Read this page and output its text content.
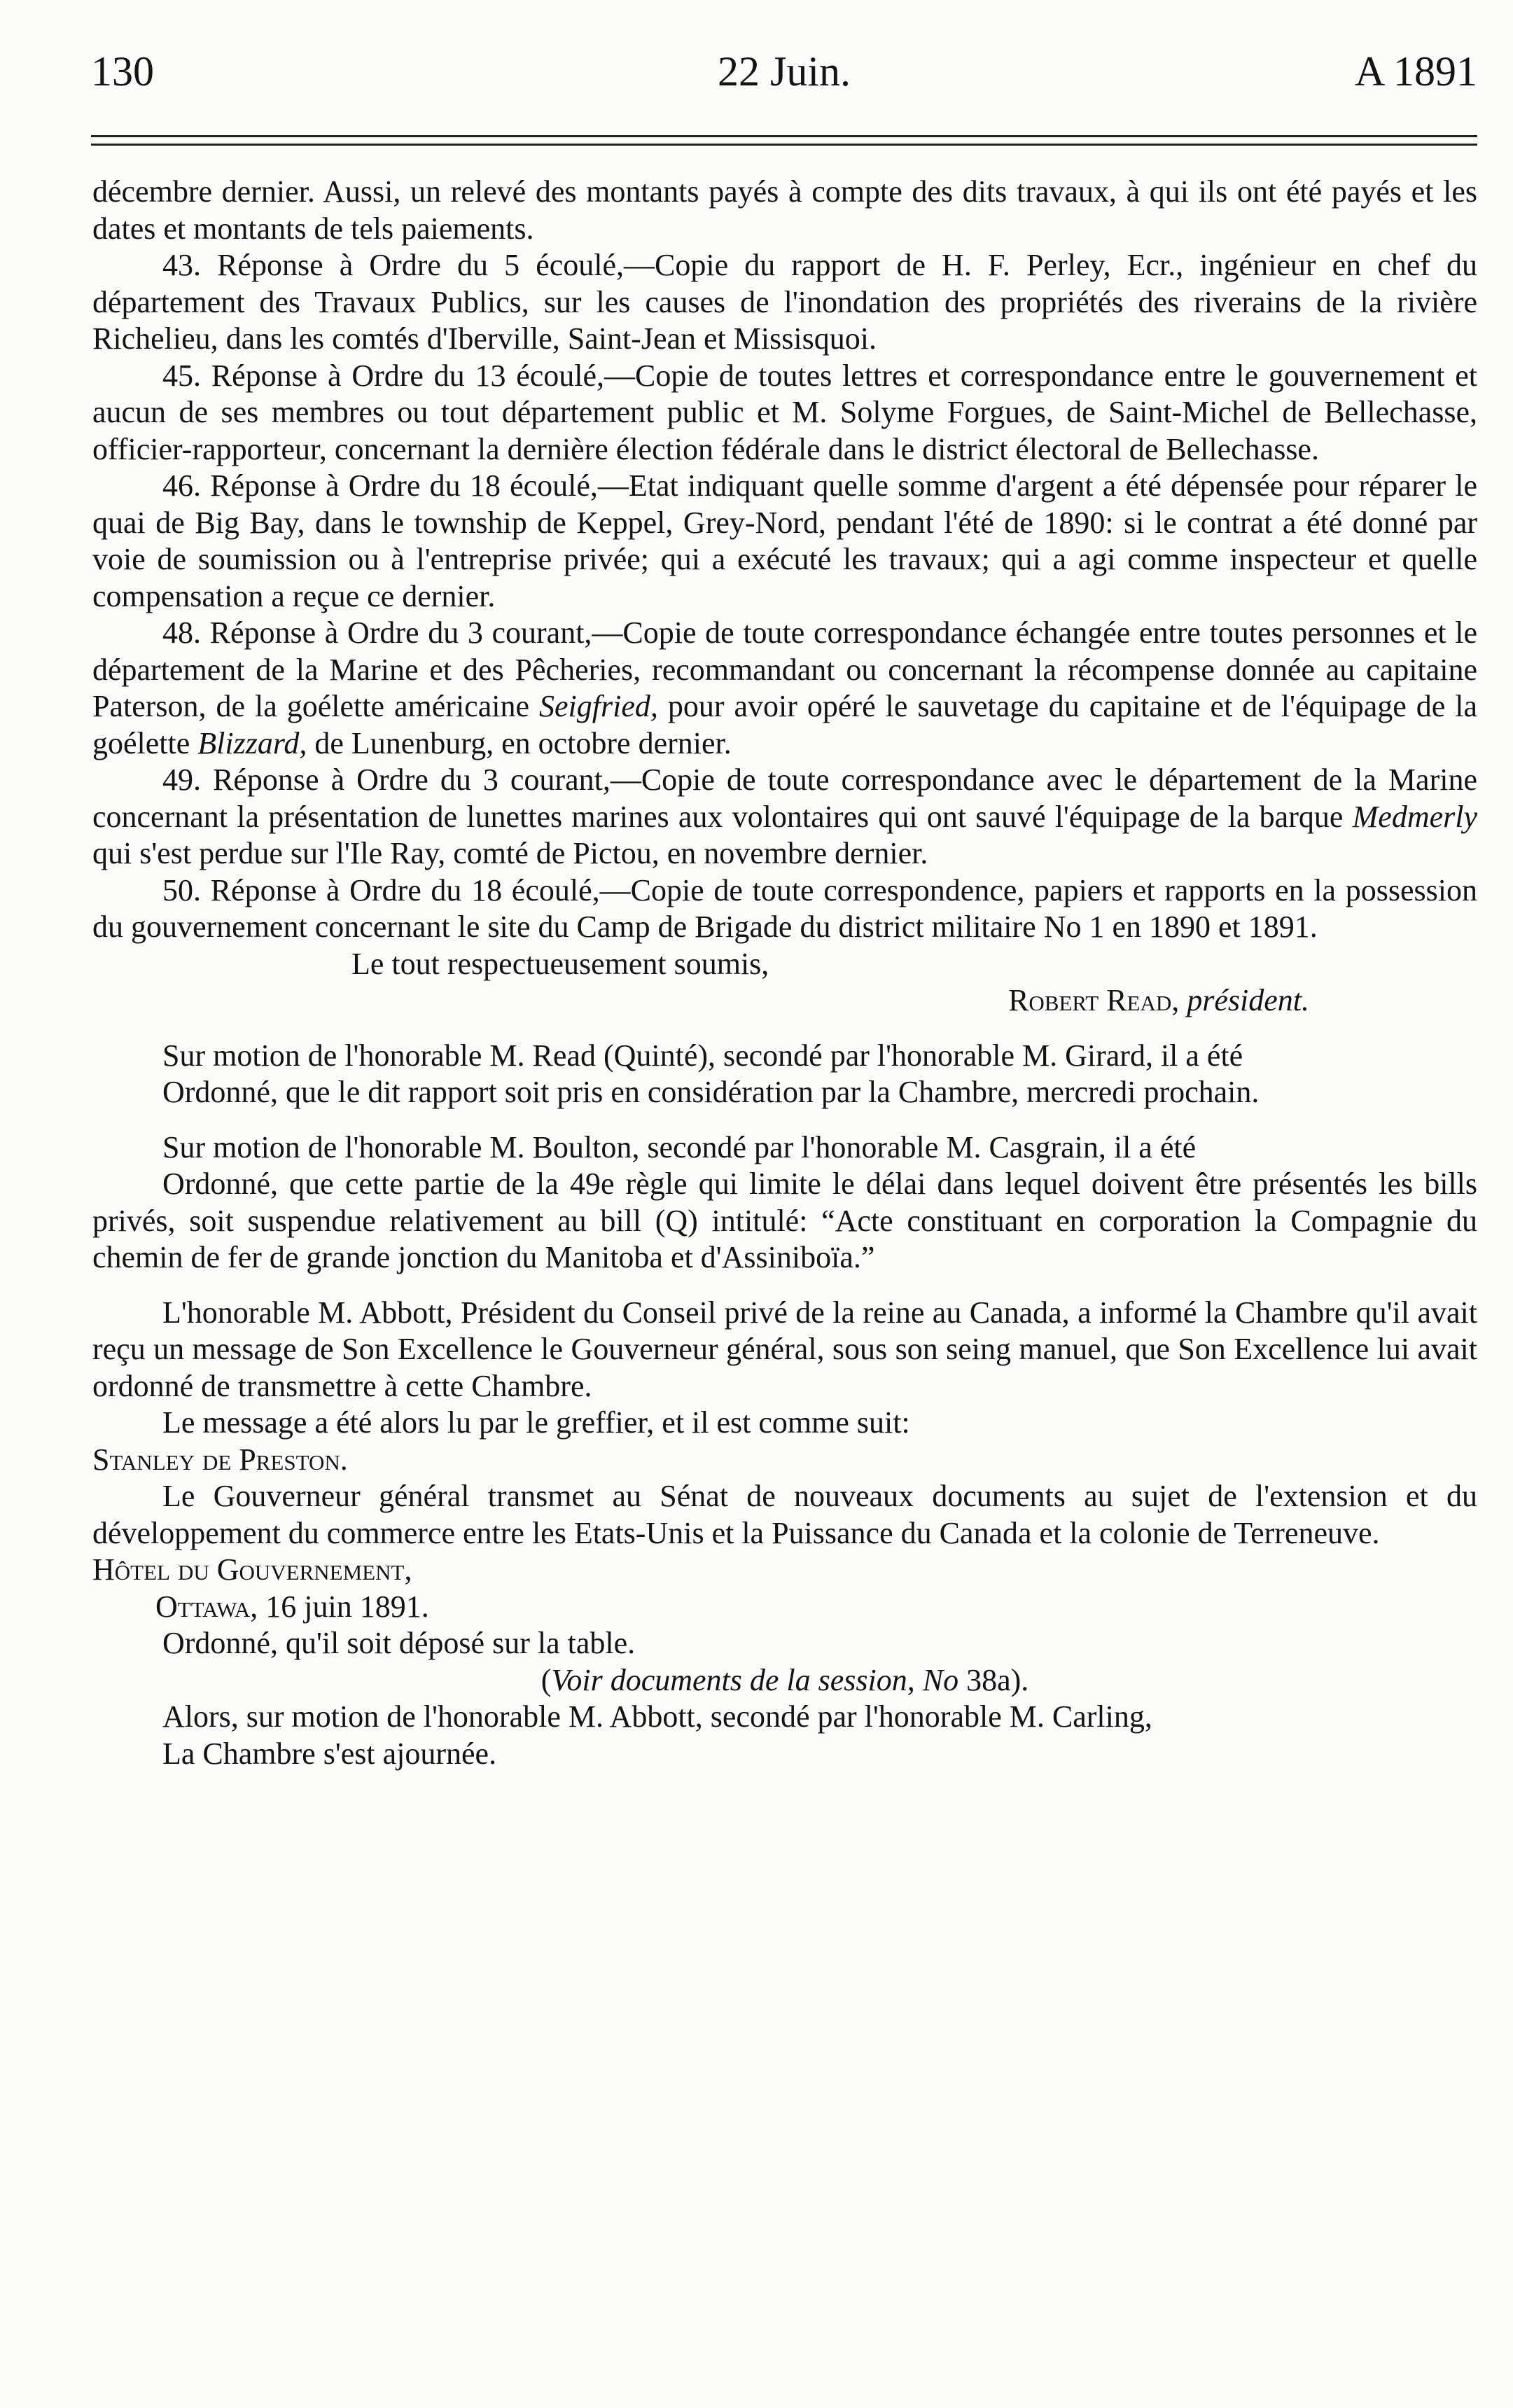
130	22 Juin.	A 1891

décembre dernier. Aussi, un relevé des montants payés à compte des dits travaux, à qui ils ont été payés et les dates et montants de tels paiements.

43. Réponse à Ordre du 5 écoulé,—Copie du rapport de H. F. Perley, Ecr., ingénieur en chef du département des Travaux Publics, sur les causes de l'inondation des propriétés des riverains de la rivière Richelieu, dans les comtés d'Iberville, Saint-Jean et Missisquoi.

45. Réponse à Ordre du 13 écoulé,—Copie de toutes lettres et correspondance entre le gouvernement et aucun de ses membres ou tout département public et M. Solyme Forgues, de Saint-Michel de Bellechasse, officier-rapporteur, concernant la dernière élection fédérale dans le district électoral de Bellechasse.

46. Réponse à Ordre du 18 écoulé,—Etat indiquant quelle somme d'argent a été dépensée pour réparer le quai de Big Bay, dans le township de Keppel, Grey-Nord, pendant l'été de 1890: si le contrat a été donné par voie de soumission ou à l'entreprise privée; qui a exécuté les travaux; qui a agi comme inspecteur et quelle compensation a reçue ce dernier.

48. Réponse à Ordre du 3 courant,—Copie de toute correspondance échangée entre toutes personnes et le département de la Marine et des Pêcheries, recommandant ou concernant la récompense donnée au capitaine Paterson, de la goélette américaine Seigfried, pour avoir opéré le sauvetage du capitaine et de l'équipage de la goélette Blizzard, de Lunenburg, en octobre dernier.

49. Réponse à Ordre du 3 courant,—Copie de toute correspondance avec le département de la Marine concernant la présentation de lunettes marines aux volontaires qui ont sauvé l'équipage de la barque Medmerly qui s'est perdue sur l'Ile Ray, comté de Pictou, en novembre dernier.

50. Réponse à Ordre du 18 écoulé,—Copie de toute correspondence, papiers et rapports en la possession du gouvernement concernant le site du Camp de Brigade du district militaire No 1 en 1890 et 1891.

Le tout respectueusement soumis,

Robert Read, président.

Sur motion de l'honorable M. Read (Quinté), secondé par l'honorable M. Girard, il a été

Ordonné, que le dit rapport soit pris en considération par la Chambre, mercredi prochain.

Sur motion de l'honorable M. Boulton, secondé par l'honorable M. Casgrain, il a été

Ordonné, que cette partie de la 49e règle qui limite le délai dans lequel doivent être présentés les bills privés, soit suspendue relativement au bill (Q) intitulé: “Acte constituant en corporation la Compagnie du chemin de fer de grande jonction du Manitoba et d'Assiniboïa.”

L'honorable M. Abbott, Président du Conseil privé de la reine au Canada, a informé la Chambre qu'il avait reçu un message de Son Excellence le Gouverneur général, sous son seing manuel, que Son Excellence lui avait ordonné de transmettre à cette Chambre.

Le message a été alors lu par le greffier, et il est comme suit:

Stanley de Preston.

Le Gouverneur général transmet au Sénat de nouveaux documents au sujet de l'extension et du développement du commerce entre les Etats-Unis et la Puissance du Canada et la colonie de Terreneuve.

Hôtel du Gouvernement,

Ottawa, 16 juin 1891.

Ordonné, qu'il soit déposé sur la table.

(Voir documents de la session, No 38a).

Alors, sur motion de l'honorable M. Abbott, secondé par l'honorable M. Carling,

La Chambre s'est ajournée.
